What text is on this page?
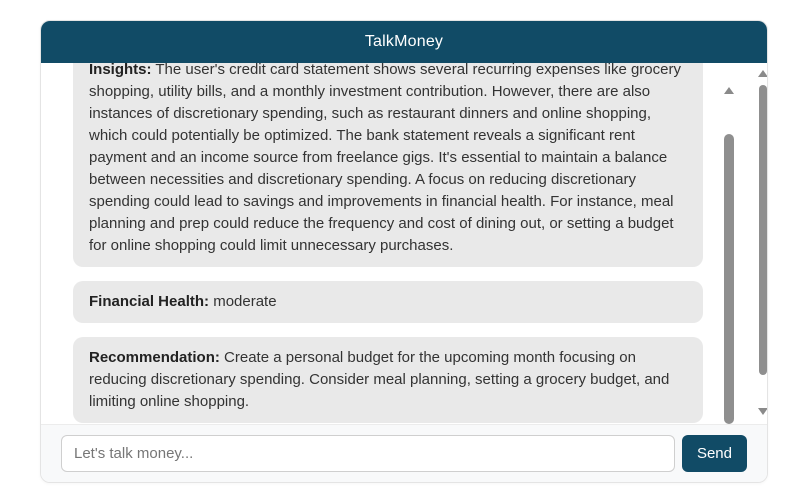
TalkMoney
Insights: The user's credit card statement shows several recurring expenses like grocery shopping, utility bills, and a monthly investment contribution. However, there are also instances of discretionary spending, such as restaurant dinners and online shopping, which could potentially be optimized. The bank statement reveals a significant rent payment and an income source from freelance gigs. It's essential to maintain a balance between necessities and discretionary spending. A focus on reducing discretionary spending could lead to savings and improvements in financial health. For instance, meal planning and prep could reduce the frequency and cost of dining out, or setting a budget for online shopping could limit unnecessary purchases.
Financial Health: moderate
Recommendation: Create a personal budget for the upcoming month focusing on reducing discretionary spending. Consider meal planning, setting a grocery budget, and limiting online shopping.
Let's talk money...
Send
